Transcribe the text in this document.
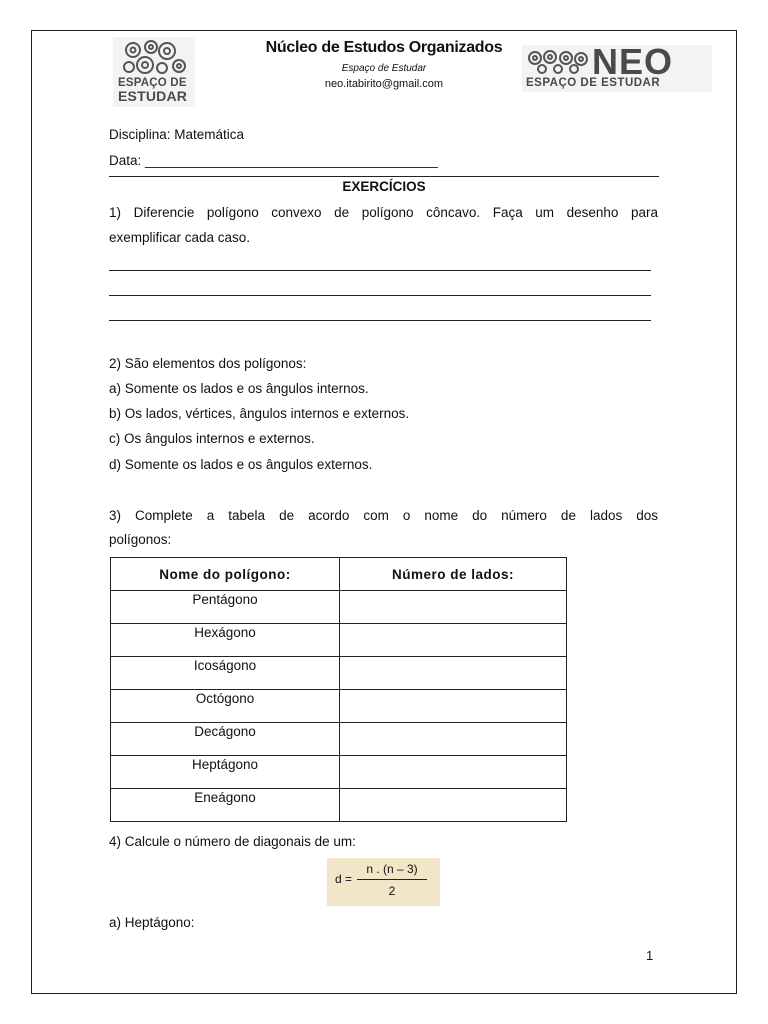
ESPAÇO DE
ESTUDAR
Núcleo de Estudos Organizados
Espaço de Estudar
neo.itabirito@gmail.com
NEO
ESPAÇO DE ESTUDAR
Disciplina: Matemática
Data: _______________________________________
EXERCÍCIOS
1) Diferencie polígono convexo de polígono côncavo. Faça um desenho para
exemplificar cada caso.
2) São elementos dos polígonos:
a) Somente os lados e os ângulos internos.
b) Os lados, vértices, ângulos internos e externos.
c) Os ângulos internos e externos.
d) Somente os lados e os ângulos externos.
3) Complete a tabela de acordo com o nome do número de lados dos
polígonos:
Nome do polígono:	Número de lados:
Pentágono	
Hexágono	
Icoságono	
Octógono	
Decágono	
Heptágono	
Eneágono	
4) Calcule o número de diagonais de um:
d =
n . (n – 3)
2
a) Heptágono:
1
